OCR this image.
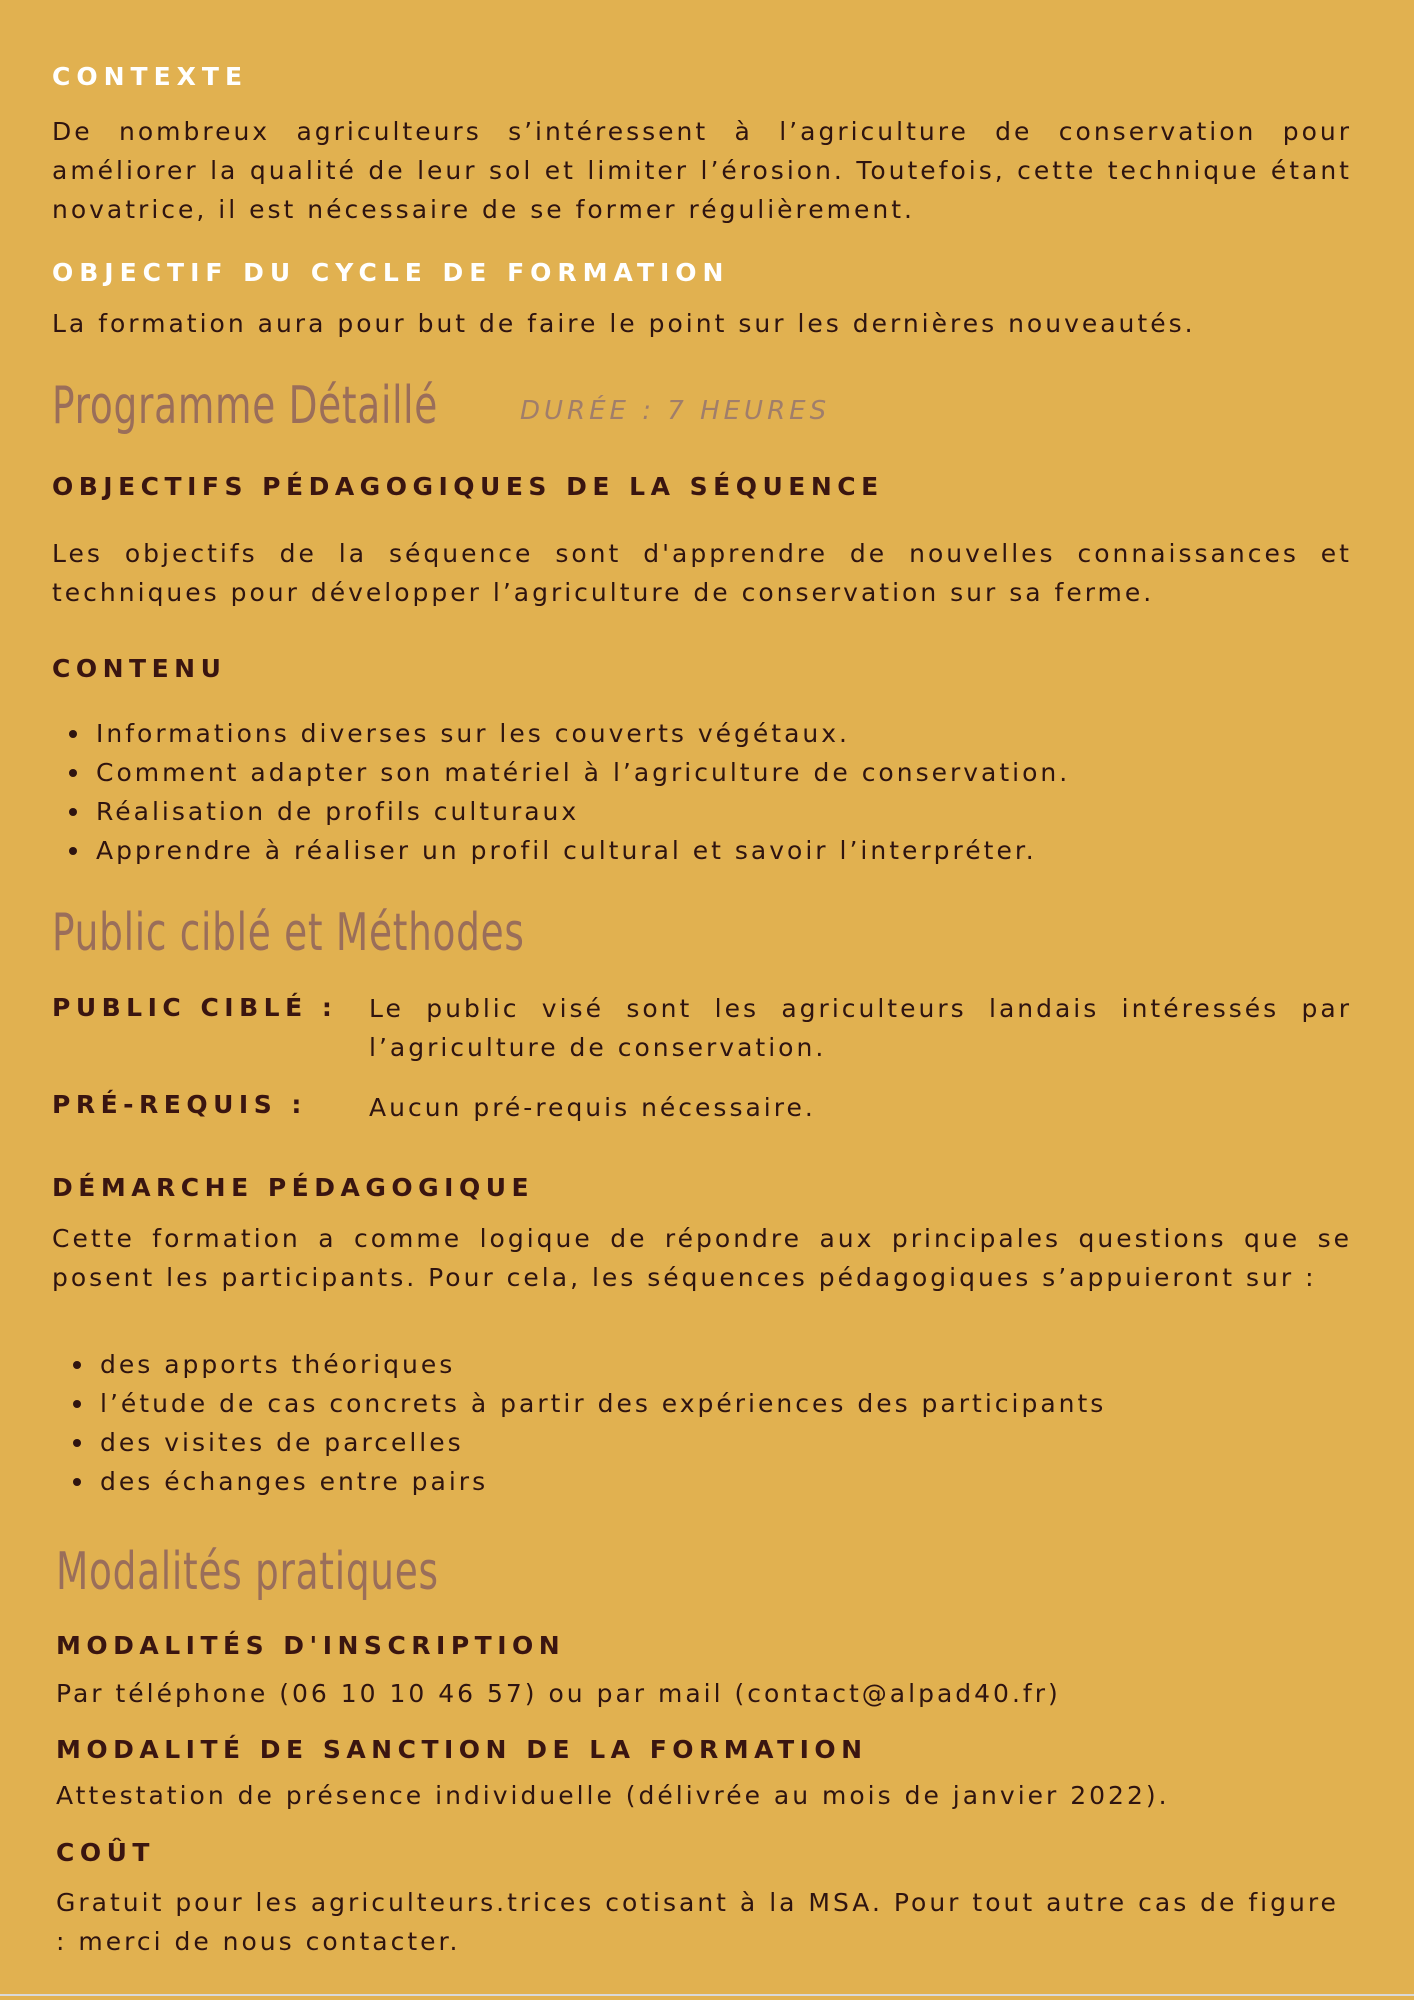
CONTEXTE
De nombreux agriculteurs s’intéressent à l’agriculture de conservation pour améliorer la qualité de leur sol et limiter l’érosion. Toutefois, cette technique étant novatrice, il est nécessaire de se former régulièrement.
OBJECTIF DU CYCLE DE FORMATION
La formation aura pour but de faire le point sur les dernières nouveautés.
Programme Détaillé	DURÉE : 7 HEURES
OBJECTIFS PÉDAGOGIQUES DE LA SÉQUENCE
Les objectifs de la séquence sont d'apprendre de nouvelles connaissances et techniques pour développer l’agriculture de conservation sur sa ferme.
CONTENU
Informations diverses sur les couverts végétaux.
Comment adapter son matériel à l’agriculture de conservation.
Réalisation de profils culturaux
Apprendre à réaliser un profil cultural et savoir l’interpréter.
Public ciblé et Méthodes
PUBLIC CIBLÉ : Le public visé sont les agriculteurs landais intéressés par l’agriculture de conservation.
PRÉ-REQUIS : Aucun pré-requis nécessaire.
DÉMARCHE PÉDAGOGIQUE
Cette formation a comme logique de répondre aux principales questions que se posent les participants. Pour cela, les séquences pédagogiques s’appuieront sur :
des apports théoriques
l’étude de cas concrets à partir des expériences des participants
des visites de parcelles
des échanges entre pairs
Modalités pratiques
MODALITÉS D'INSCRIPTION
Par téléphone (06 10 10 46 57) ou par mail (contact@alpad40.fr)
MODALITÉ DE SANCTION DE LA FORMATION
Attestation de présence individuelle (délivrée au mois de janvier 2022).
COÛT
Gratuit pour les agriculteurs.trices cotisant à la MSA. Pour tout autre cas de figure : merci de nous contacter.
